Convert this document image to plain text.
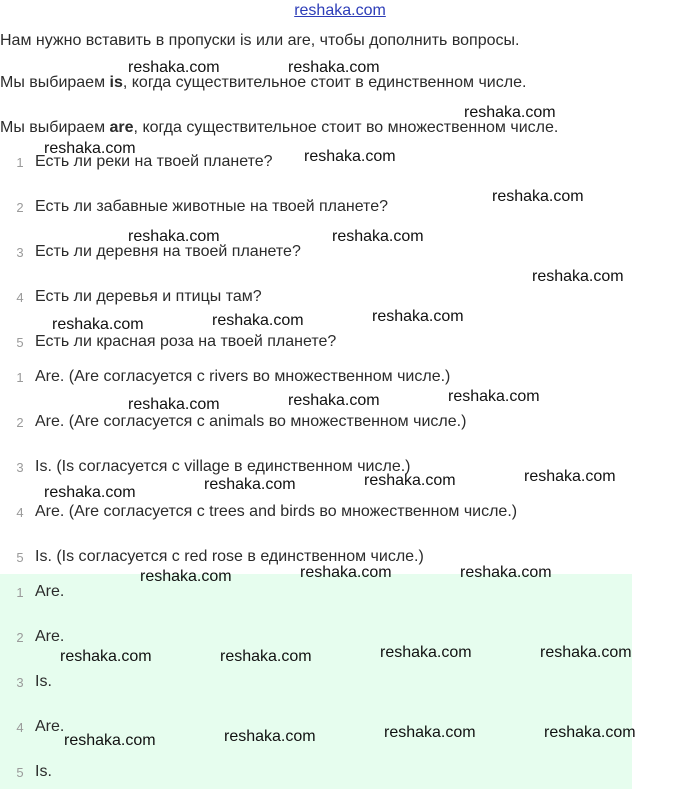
reshaka.com
Нам нужно вставить в пропуски is или are, чтобы дополнить вопросы.
Мы выбираем is, когда существительное стоит в единственном числе.
Мы выбираем are, когда существительное стоит во множественном числе.
1 Есть ли реки на твоей планете?
2 Есть ли забавные животные на твоей планете?
3 Есть ли деревня на твоей планете?
4 Есть ли деревья и птицы там?
5 Есть ли красная роза на твоей планете?
1 Are. (Are согласуется с rivers во множественном числе.)
2 Are. (Are согласуется с animals во множественном числе.)
3 Is. (Is согласуется с village в единственном числе.)
4 Are. (Are согласуется с trees and birds во множественном числе.)
5 Is. (Is согласуется с red rose в единственном числе.)
1 Are.
2 Are.
3 Is.
4 Are.
5 Is.
reshaka.com	reshaka.com
reshaka.com
reshaka.com	reshaka.com
reshaka.com
reshaka.com	reshaka.com
reshaka.com
reshaka.com	reshaka.com	reshaka.com
reshaka.com	reshaka.com	reshaka.com
reshaka.com	reshaka.com	reshaka.com	reshaka.com
reshaka.com	reshaka.com	reshaka.com
reshaka.com	reshaka.com	reshaka.com	reshaka.com
reshaka.com	reshaka.com	reshaka.com	reshaka.com
